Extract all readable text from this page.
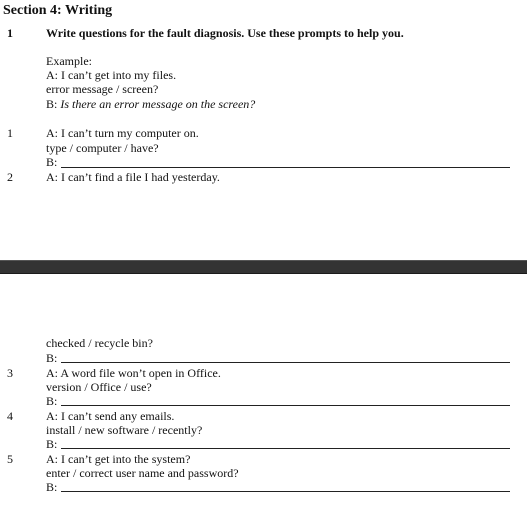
Section 4: Writing
1	Write questions for the fault diagnosis. Use these prompts to help you.
Example:
A: I can’t get into my files.
error message / screen?
B: Is there an error message on the screen?
1	A: I can’t turn my computer on.
type / computer / have?
B:
2	A: I can’t find a file I had yesterday.
checked / recycle bin?
B:
3	A: A word file won’t open in Office.
version / Office / use?
B:
4	A: I can’t send any emails.
install / new software / recently?
B:
5	A: I can’t get into the system?
enter / correct user name and password?
B:
